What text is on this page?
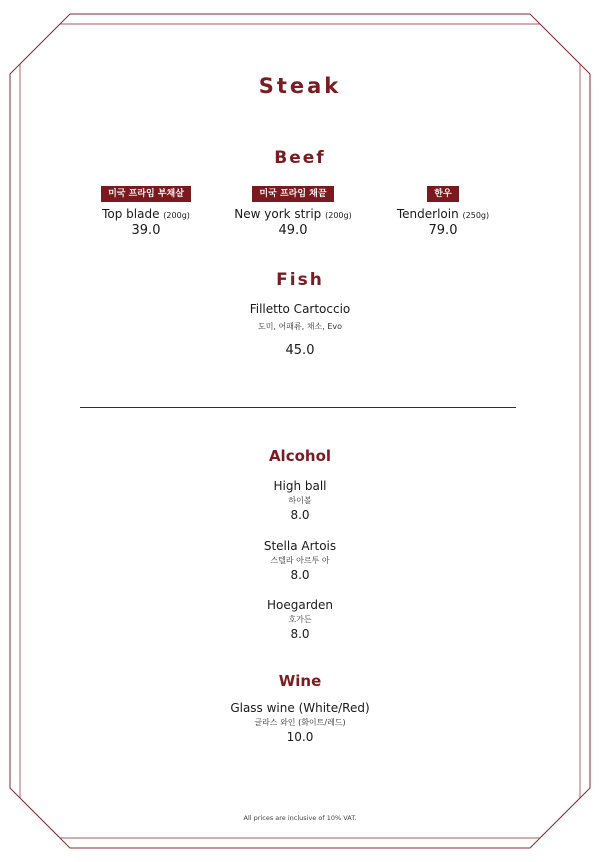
Steak
Beef
미국 프라임 부채살
Top blade (200g)
39.0
미국 프라임 채끝
New york strip (200g)
49.0
한우
Tenderloin (250g)
79.0
Fish
Filletto Cartoccio
도미, 어패류, 채소, Evo
45.0
Alcohol
High ball
하이볼
8.0
Stella Artois
스텔라 아르투 아
8.0
Hoegarden
호가든
8.0
Wine
Glass wine (White/Red)
글라스 와인 (화이트/레드)
10.0
All prices are inclusive of 10% VAT.
